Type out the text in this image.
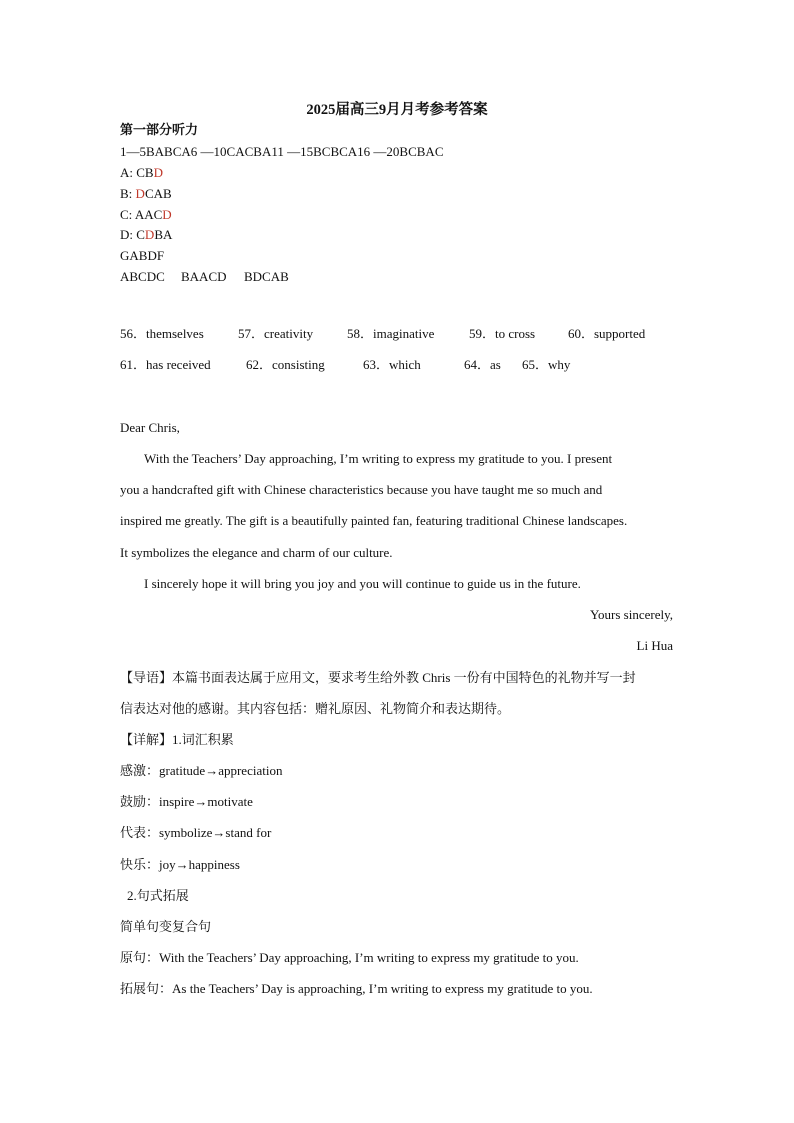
2025届高三9月月考参考答案
第一部分听力
1—5BABCA6 —10CACBA11 —15BCBCA16 —20BCBAC
A: CBD
B: DCAB
C: AACD
D: CDBA
GABDF
ABCDC BAACD BDCAB
56．themselves	57．creativity	58．imaginative	59．to cross	60．supported
61．has received	62．consisting	63．which	64．as 65．why
Dear Chris,
With the Teachers’ Day approaching, I’m writing to express my gratitude to you. I present
you a handcrafted gift with Chinese characteristics because you have taught me so much and
inspired me greatly. The gift is a beautifully painted fan, featuring traditional Chinese landscapes.
It symbolizes the elegance and charm of our culture.
I sincerely hope it will bring you joy and you will continue to guide us in the future.
Yours sincerely,
Li Hua
【导语】本篇书面表达属于应用文，要求考生给外教 Chris 一份有中国特色的礼物并写一封
信表达对他的感谢。其内容包括：赠礼原因、礼物简介和表达期待。
【详解】1.词汇积累
感激：gratitude→appreciation
鼓励：inspire→motivate
代表：symbolize→stand for
快乐：joy→happiness
2.句式拓展
简单句变复合句
原句：With the Teachers’ Day approaching, I’m writing to express my gratitude to you.
拓展句：As the Teachers’ Day is approaching, I’m writing to express my gratitude to you.
